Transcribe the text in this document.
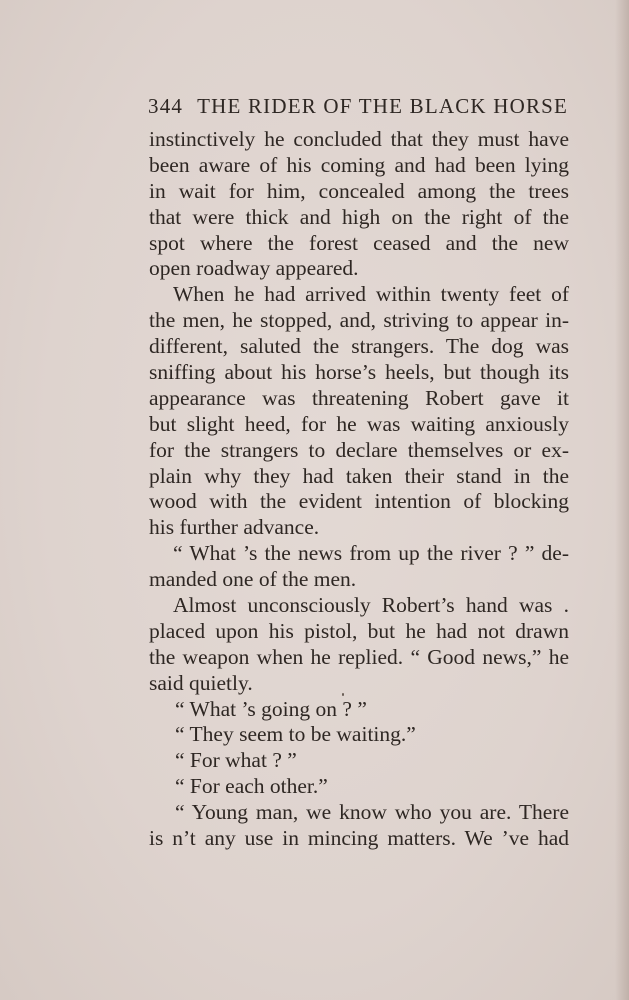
344 THE RIDER OF THE BLACK HORSE
instinctively he concluded that they must have
been aware of his coming and had been lying
in wait for him, concealed among the trees
that were thick and high on the right of the
spot where the forest ceased and the new
open roadway appeared.
When he had arrived within twenty feet of
the men, he stopped, and, striving to appear in-
different, saluted the strangers. The dog was
sniffing about his horse’s heels, but though its
appearance was threatening Robert gave it
but slight heed, for he was waiting anxiously
for the strangers to declare themselves or ex-
plain why they had taken their stand in the
wood with the evident intention of blocking
his further advance.
“ What ’s the news from up the river ? ” de-
manded one of the men.
Almost unconsciously Robert’s hand was .
placed upon his pistol, but he had not drawn
the weapon when he replied. “ Good news,” he
said quietly.
“ What ’s going on ? ”
“ They seem to be waiting.”
“ For what ? ”
“ For each other.”
“ Young man, we know who you are. There
is n’t any use in mincing matters. We ’ve had
